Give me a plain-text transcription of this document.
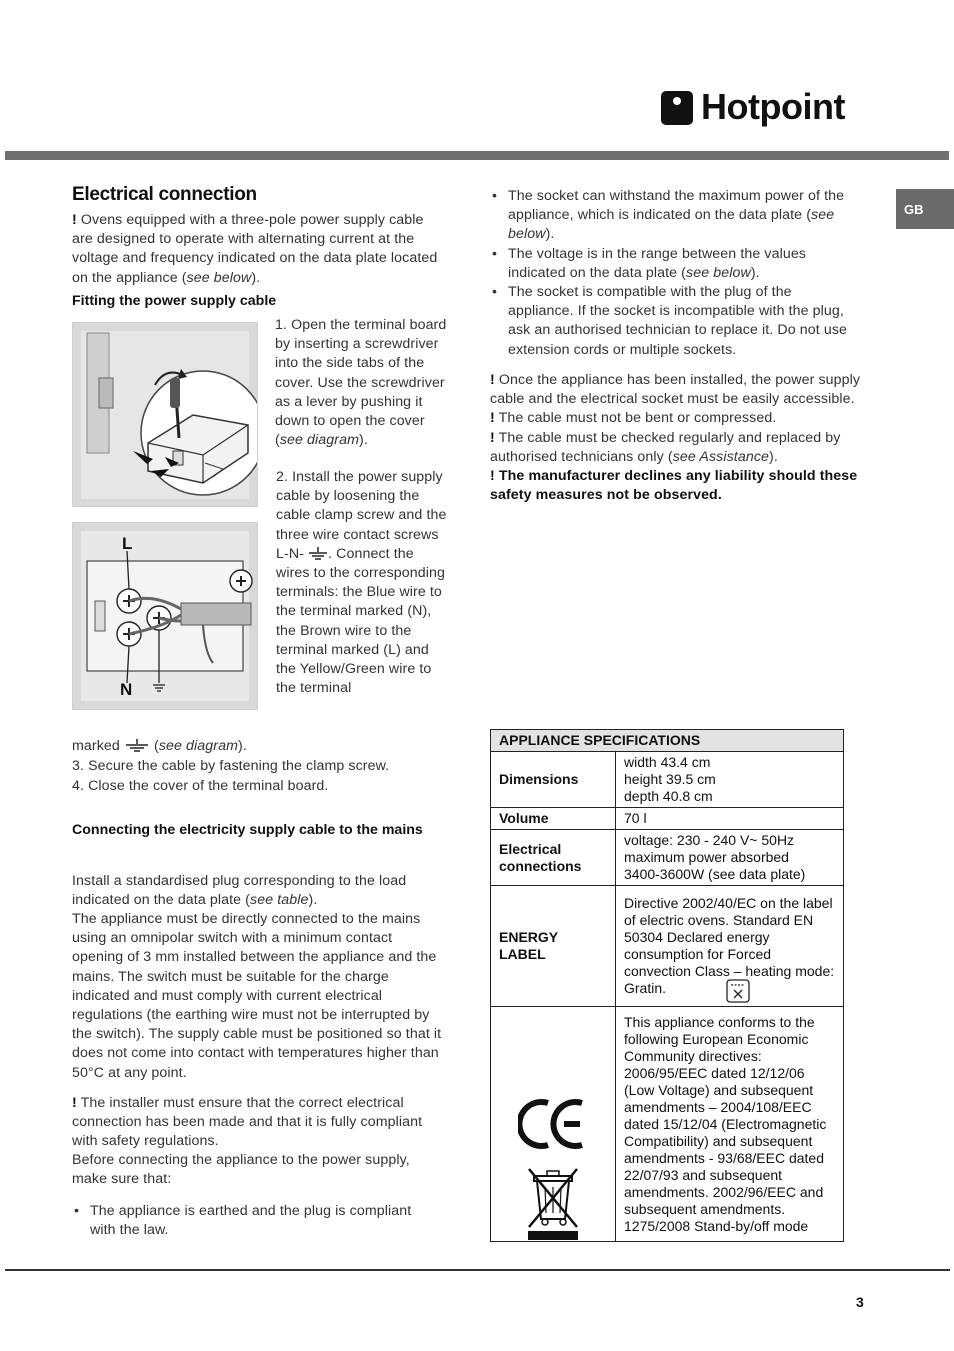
Hotpoint
GB
Electrical connection

! Ovens equipped with a three-pole power supply cable are designed to operate with alternating current at the voltage and frequency indicated on the data plate located on the appliance (see below).

Fitting the power supply cable
L
N

1. Open the terminal board by inserting a screwdriver into the side tabs of the cover. Use the screwdriver as a lever by pushing it down to open the cover (see diagram).

2. Install the power supply cable by loosening the cable clamp screw and the three wire contact screws L-N- . Connect the wires to the corresponding terminals: the Blue wire to the terminal marked (N), the Brown wire to the terminal marked (L) and the Yellow/Green wire to the terminal

marked  (see diagram).

3. Secure the cable by fastening the clamp screw.

4. Close the cover of the terminal board.

Connecting the electricity supply cable to the mains

Install a standardised plug corresponding to the load indicated on the data plate (see table).

The appliance must be directly connected to the mains using an omnipolar switch with a minimum contact opening of 3 mm installed between the appliance and the mains. The switch must be suitable for the charge indicated and must comply with current electrical regulations (the earthing wire must not be interrupted by the switch). The supply cable must be positioned so that it does not come into contact with temperatures higher than 50°C at any point.

! The installer must ensure that the correct electrical connection has been made and that it is fully compliant with safety regulations.

Before connecting the appliance to the power supply, make sure that:

• The appliance is earthed and the plug is compliant with the law.
• The socket can withstand the maximum power of the appliance, which is indicated on the data plate (see below).
• The voltage is in the range between the values indicated on the data plate (see below).
• The socket is compatible with the plug of the appliance. If the socket is incompatible with the plug, ask an authorised technician to replace it. Do not use extension cords or multiple sockets.

! Once the appliance has been installed, the power supply cable and the electrical socket must be easily accessible.

! The cable must not be bent or compressed.

! The cable must be checked regularly and replaced by authorised technicians only (see Assistance).

! The manufacturer declines any liability should these safety measures not be observed.

APPLIANCE SPECIFICATIONS	
Dimensions	width 43.4 cm
height 39.5 cm
depth 40.8 cm

Volume	70 l
Electrical connections	voltage: 230 - 240 V~ 50Hz
maximum power absorbed
3400-3600W (see data plate)

ENERGY LABEL	Directive 2002/40/EC on the label of electric ovens. Standard EN 50304 Declared energy consumption for Forced convection Class – heating mode:
Gratin.

This appliance conforms to the following European Economic Community directives: 2006/95/EEC dated 12/12/06 (Low Voltage) and subsequent amendments – 2004/108/EEC dated 15/12/04 (Electromagnetic Compatibility) and subsequent amendments - 93/68/EEC dated 22/07/93 and subsequent amendments. 2002/96/EEC and subsequent amendments.
1275/2008 Stand-by/off mode
3
